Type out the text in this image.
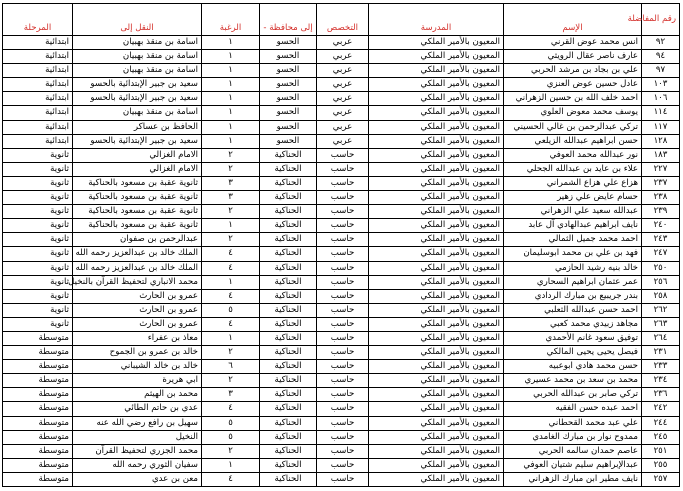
رقم المفاضلة	الإسم	المدرسة	التخصص	إلى محافظة -	الرغبة	النقل إلى	المرحلة
٩٢	انس محمد عوض القرني	المعيون بالأمير الملكي	عربي	الحسو	١	اسامة بن منقذ بهبيان	ابتدائية
٩٤	عارف ناصر عقال الرويثي	المعيون بالأمير الملكي	عربي	الحسو	١	اسامة بن منقذ بهبيان	ابتدائية
٩٧	علي بن بجاد بن مرشد الحربي	المعيون بالأمير الملكي	عربي	الحسو	١	اسامة بن منقذ بهبيان	ابتدائية
١٠٣	عادل حسين عوض العنزي	المعيون بالأمير الملكي	عربي	الحسو	١	سعيد بن جبير الإبتدائية بالحسو	ابتدائية
١٠٦	احمد خلف الله بن حسين الزهراني	المعيون بالأمير الملكي	عربي	الحسو	١	سعيد بن جبير الإبتدائية بالحسو	ابتدائية
١١٤	يوسف محمد معوض العلوي	المعيون بالأمير الملكي	عربي	الحسو	١	اسامة بن منقذ بهبيان	ابتدائية
١١٧	تركي عبدالرحمن بن غالي الحسيني	المعيون بالأمير الملكي	عربي	الحسو	١	الحافظ بن عساكر	ابتدائية
١٢٨	حسن ابراهيم عبدالله الزيلعي	المعيون بالأمير الملكي	عربي	الحسو	١	سعيد بن جبير الإبتدائية بالحسو	ابتدائية
١٨٣	نور عبدالله محمد العوفي	المعيون بالأمير الملكي	حاسب	الحناكية	٢	الامام الغزالي	ثانوية
٢٢٧	علاء بن عايد بن عبدالله الجحلي	المعيون بالأمير الملكي	حاسب	الحناكية	٢	الامام الغزالي	ثانوية
٢٣٧	هزاع علي هزاع الشمراني	المعيون بالأمير الملكي	حاسب	الحناكية	٣	ثانوية عقبة بن مسعود بالحناكية	ثانوية
٢٣٨	حسام عايض علي زهير	المعيون بالأمير الملكي	حاسب	الحناكية	٣	ثانوية عقبة بن مسعود بالحناكية	ثانوية
٢٣٩	عبدالله سعيد علي الزهراني	المعيون بالأمير الملكي	حاسب	الحناكية	٢	ثانوية عقبة بن مسعود بالحناكية	ثانوية
٢٤٠	نايف ابراهيم عبدالهادي آل عابد	المعيون بالأمير الملكي	حاسب	الحناكية	١	ثانوية عقبة بن مسعود بالحناكية	ثانوية
٢٤٣	احمد محمد جميل الثمالي	المعيون بالأمير الملكي	حاسب	الحناكية	٢	عبدالرحمن بن صفوان	ثانوية
٢٤٧	فهد بن علي بن محمد ابوسليمان	المعيون بالأمير الملكي	حاسب	الحناكية	٤	الملك خالد بن عبدالعزيز رحمه الله	ثانوية
٢٥٠	خالد بنيه رشيد الحازمي	المعيون بالأمير الملكي	حاسب	الحناكية	٤	الملك خالد بن عبدالعزيز رحمه الله	ثانوية
٢٥٦	عمر عثمان ابراهيم السحاري	المعيون بالأمير الملكي	حاسب	الحناكية	١	محمد الانباري لتحفيظ القرآن بالنخيل	ثانوية
٢٥٨	بندر جريبيع بن مبارك الردادي	المعيون بالأمير الملكي	حاسب	الحناكية	٤	عمرو بن الحارث	ثانوية
٢٦٢	احمد حسن عبدالله الثعلبي	المعيون بالأمير الملكي	حاسب	الحناكية	٥	عمرو بن الحارث	ثانوية
٢٦٣	مجاهد زبيدي محمد كعبي	المعيون بالأمير الملكي	حاسب	الحناكية	٤	عمرو بن الحارث	ثانوية
٢٦٤	توفيق سعود غانم الأحمدي	المعيون بالأمير الملكي	حاسب	الحناكية	١	معاذ بن عفراء	متوسطة
٢٣١	فيصل يحيى يحيى المالكي	المعيون بالأمير الملكي	حاسب	الحناكية	٢	خالد بن عمرو بن الجموح	متوسطة
٢٣٣	حسن محمد هادي ابوعبيه	المعيون بالأمير الملكي	حاسب	الحناكية	٦	خالد بن خالد الشيباني	متوسطة
٢٣٤	محمد بن سعد بن محمد عسيري	المعيون بالأمير الملكي	حاسب	الحناكية	٢	ابي هريرة	متوسطة
٢٣٦	تركي صابر بن عبدالله الحربي	المعيون بالأمير الملكي	حاسب	الحناكية	٣	محمد بن الهيثم	متوسطة
٢٤٢	احمد عبده حسن الفقيه	المعيون بالأمير الملكي	حاسب	الحناكية	٤	عدي بن حاتم الطائي	متوسطة
٢٤٤	علي عبد محمد القحطاني	المعيون بالأمير الملكي	حاسب	الحناكية	٥	سهيل بن رافع رضي الله عنه	متوسطة
٢٤٥	ممدوح نوار بن مبارك الغامدي	المعيون بالأمير الملكي	حاسب	الحناكية	٥	النخيل	متوسطة
٢٥١	عاصم حمدان سالمه الحربي	المعيون بالأمير الملكي	حاسب	الحناكية	٢	محمد الجزري لتحفيظ القرآن	متوسطة
٢٥٥	عبدالإبراهيم سليم شتيان العوفي	المعيون بالأمير الملكي	حاسب	الحناكية	١	سفيان الثوري رحمه الله	متوسطة
٢٥٧	نايف مطير ابن مبارك الزهراني	المعيون بالأمير الملكي	حاسب	الحناكية	٤	معن بن عدي	متوسطة
